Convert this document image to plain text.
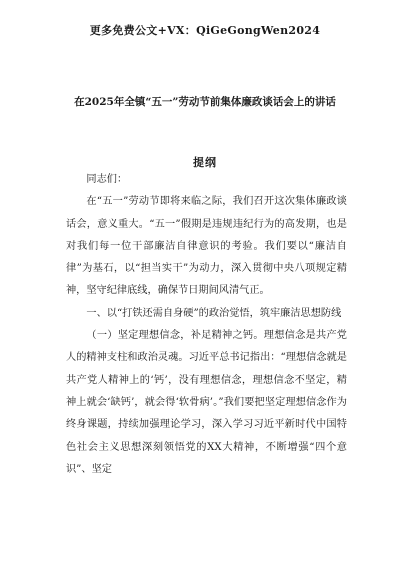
更多免费公文+VX：QiGeGongWen2024
在2025年全镇“五一”劳动节前集体廉政谈话会上的讲话
提纲

同志们：

在“五一”劳动节即将来临之际，我们召开这次集体廉政谈话会，意义重大。“五一”假期是违规违纪行为的高发期，也是对我们每一位干部廉洁自律意识的考验。我们要以“廉洁自律”为基石，以“担当实干”为动力，深入贯彻中央八项规定精神，坚守纪律底线，确保节日期间风清气正。

一、以“打铁还需自身硬”的政治觉悟，筑牢廉洁思想防线

（一）坚定理想信念，补足精神之钙。理想信念是共产党人的精神支柱和政治灵魂。习近平总书记指出：“理想信念就是共产党人精神上的‘钙’，没有理想信念，理想信念不坚定，精神上就会‘缺钙’，就会得‘软骨病’。”我们要把坚定理想信念作为终身课题，持续加强理论学习，深入学习习近平新时代中国特色社会主义思想深刻领悟党的XX大精神，不断增强“四个意识”、坚定
